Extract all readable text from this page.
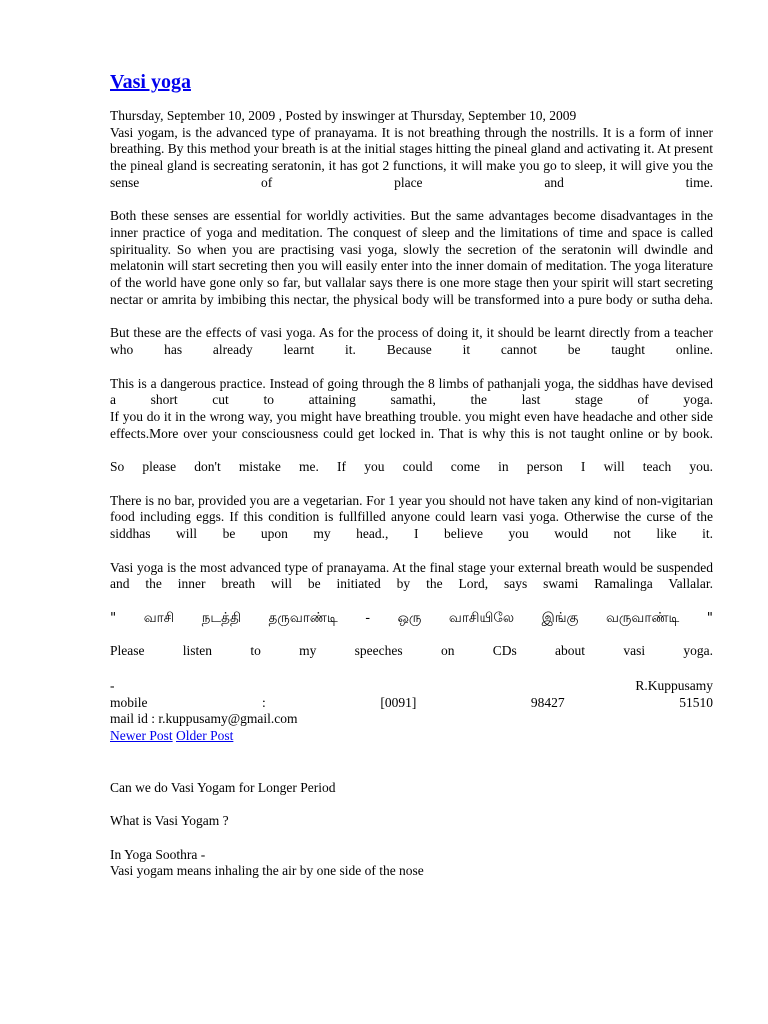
Vasi yoga

Thursday, September 10, 2009 , Posted by inswinger at Thursday, September 10, 2009

Vasi yogam, is the advanced type of pranayama. It is not breathing through the nostrills. It is a form of inner breathing. By this method your breath is at the initial stages hitting the pineal gland and activating it. At present the pineal gland is secreating seratonin, it has got 2 functions, it will make you go to sleep, it will give you the sense of place and time.

Both these senses are essential for worldly activities. But the same advantages become disadvantages in the inner practice of yoga and meditation. The conquest of sleep and the limitations of time and space is called spirituality. So when you are practising vasi yoga, slowly the secretion of the seratonin will dwindle and melatonin will start secreting then you will easily enter into the inner domain of meditation. The yoga literature of the world have gone only so far, but vallalar says there is one more stage then your spirit will start secreting nectar or amrita by imbibing this nectar, the physical body will be transformed into a pure body or sutha deha.

But these are the effects of vasi yoga. As for the process of doing it, it should be learnt directly from a teacher who has already learnt it. Because it cannot be taught online.

This is a dangerous practice. Instead of going through the 8 limbs of pathanjali yoga, the siddhas have devised a short cut to attaining samathi, the last stage of yoga.

If you do it in the wrong way, you might have breathing trouble. you might even have headache and other side effects.More over your consciousness could get locked in. That is why this is not taught online or by book.

So please don't mistake me. If you could come in person I will teach you.

There is no bar, provided you are a vegetarian. For 1 year you should not have taken any kind of non-vigitarian food including eggs. If this condition is fullfilled anyone could learn vasi yoga. Otherwise the curse of the siddhas will be upon my head., I believe you would not like it.

Vasi yoga is the most advanced type of pranayama. At the final stage your external breath would be suspended and the inner breath will be initiated by the Lord, says swami Ramalinga Vallalar.

" வாசி நடத்தி தருவாண்டி - ஒரு வாசியிலே இங்கு வருவாண்டி "

Please listen to my speeches on CDs about vasi yoga.

-	R.Kuppusamy

mobile : [0091] 98427 51510

mail id : r.kuppusamy@gmail.com

Newer Post Older Post

Can we do Vasi Yogam for Longer Period

What is Vasi Yogam ?

In Yoga Soothra -

Vasi yogam means inhaling the air by one side of the nose
